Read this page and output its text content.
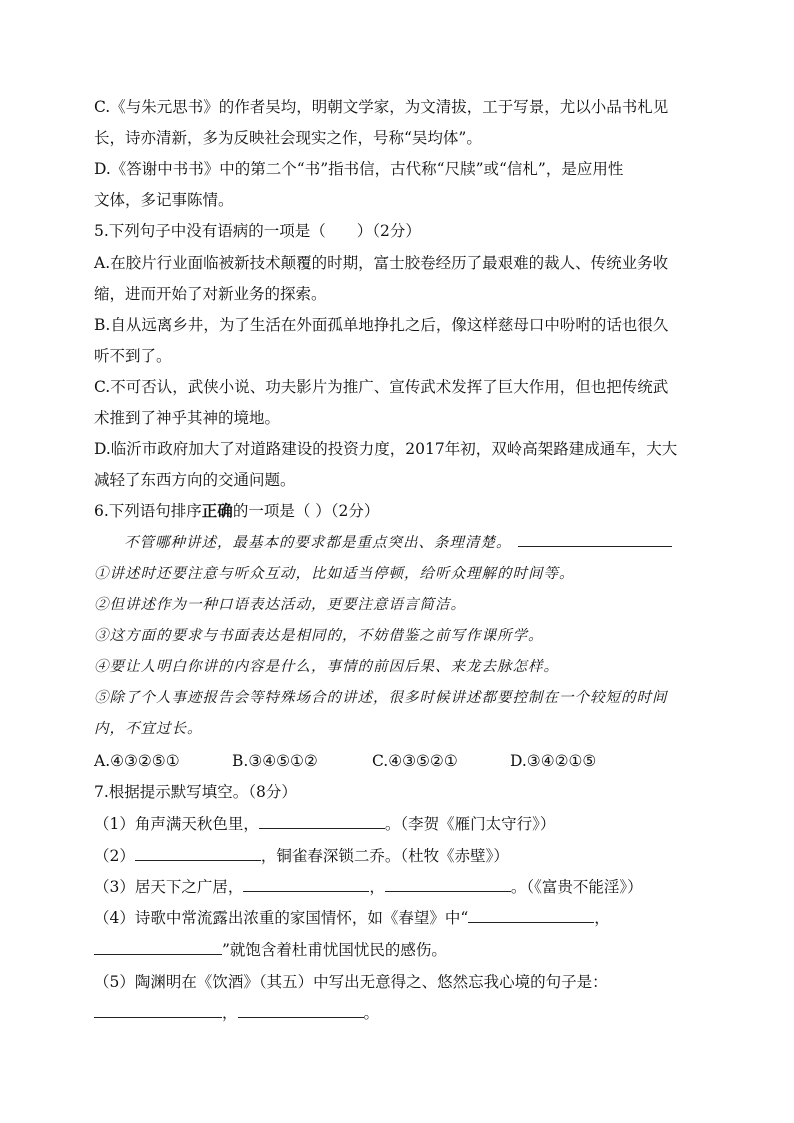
C.《与朱元思书》的作者吴均，明朝文学家，为文清拔，工于写景，尤以小品书札见
长，诗亦清新，多为反映社会现实之作，号称“吴均体”。
D.《答谢中书书》中的第二个“书”指书信，古代称“尺牍”或“信札”，是应用性
文体，多记事陈情。
5.下列句子中没有语病的一项是（　　）（2分）
A.在胶片行业面临被新技术颠覆的时期，富士胶卷经历了最艰难的裁人、传统业务收
缩，进而开始了对新业务的探索。
B.自从远离乡井，为了生活在外面孤单地挣扎之后，像这样慈母口中吩咐的话也很久
听不到了。
C.不可否认，武侠小说、功夫影片为推广、宣传武术发挥了巨大作用，但也把传统武
术推到了神乎其神的境地。
D.临沂市政府加大了对道路建设的投资力度，2017年初，双岭高架路建成通车，大大
减轻了东西方向的交通问题。
6.下列语句排序正确的一项是（ ）（2分）
不管哪种讲述，最基本的要求都是重点突出、条理清楚。
①讲述时还要注意与听众互动，比如适当停顿，给听众理解的时间等。
②但讲述作为一种口语表达活动，更要注意语言简洁。
③这方面的要求与书面表达是相同的，不妨借鉴之前写作课所学。
④要让人明白你讲的内容是什么，事情的前因后果、来龙去脉怎样。
⑤除了个人事迹报告会等特殊场合的讲述，很多时候讲述都要控制在一个较短的时间
内，不宜过长。
A.④③②⑤①	B.③④⑤①②	C.④③⑤②①	D.③④②①⑤
7.根据提示默写填空。（8分）
（1）角声满天秋色里，	。（李贺《雁门太守行》）
（2）	，铜雀春深锁二乔。（杜牧《赤壁》）
（3）居天下之广居，	，	。（《富贵不能淫》）
（4）诗歌中常流露出浓重的家国情怀，如《春望》中“	，
”就饱含着杜甫忧国忧民的感伤。
（5）陶渊明在《饮酒》（其五）中写出无意得之、悠然忘我心境的句子是：
，	。
